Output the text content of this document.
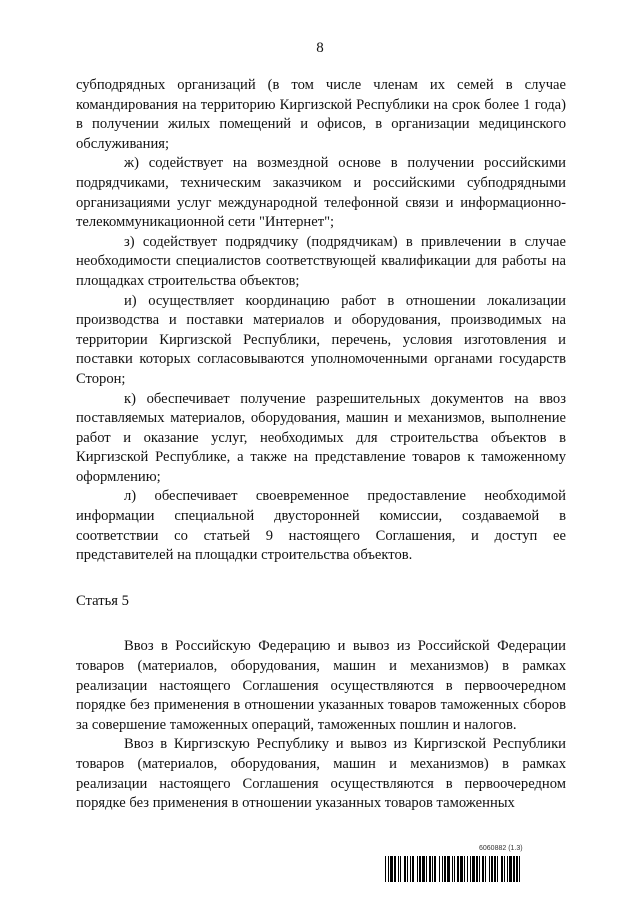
8

субподрядных организаций (в том числе членам их семей в случае командирования на территорию Киргизской Республики на срок более 1 года) в получении жилых помещений и офисов, в организации медицинского обслуживания;

ж) содействует на возмездной основе в получении российскими подрядчиками, техническим заказчиком и российскими субподрядными организациями услуг международной телефонной связи и информационно-телекоммуникационной сети "Интернет";

з) содействует подрядчику (подрядчикам) в привлечении в случае необходимости специалистов соответствующей квалификации для работы на площадках строительства объектов;

и) осуществляет координацию работ в отношении локализации производства и поставки материалов и оборудования, производимых на территории Киргизской Республики, перечень, условия изготовления и поставки которых согласовываются уполномоченными органами государств Сторон;

к) обеспечивает получение разрешительных документов на ввоз поставляемых материалов, оборудования, машин и механизмов, выполнение работ и оказание услуг, необходимых для строительства объектов в Киргизской Республике, а также на представление товаров к таможенному оформлению;

л) обеспечивает своевременное предоставление необходимой информации специальной двусторонней комиссии, создаваемой в соответствии со статьей 9 настоящего Соглашения, и доступ ее представителей на площадки строительства объектов.

Статья 5

Ввоз в Российскую Федерацию и вывоз из Российской Федерации товаров (материалов, оборудования, машин и механизмов) в рамках реализации настоящего Соглашения осуществляются в первоочередном порядке без применения в отношении указанных товаров таможенных сборов за совершение таможенных операций, таможенных пошлин и налогов.

Ввоз в Киргизскую Республику и вывоз из Киргизской Республики товаров (материалов, оборудования, машин и механизмов) в рамках реализации настоящего Соглашения осуществляются в первоочередном порядке без применения в отношении указанных товаров таможенных

6060882 (1.3)
